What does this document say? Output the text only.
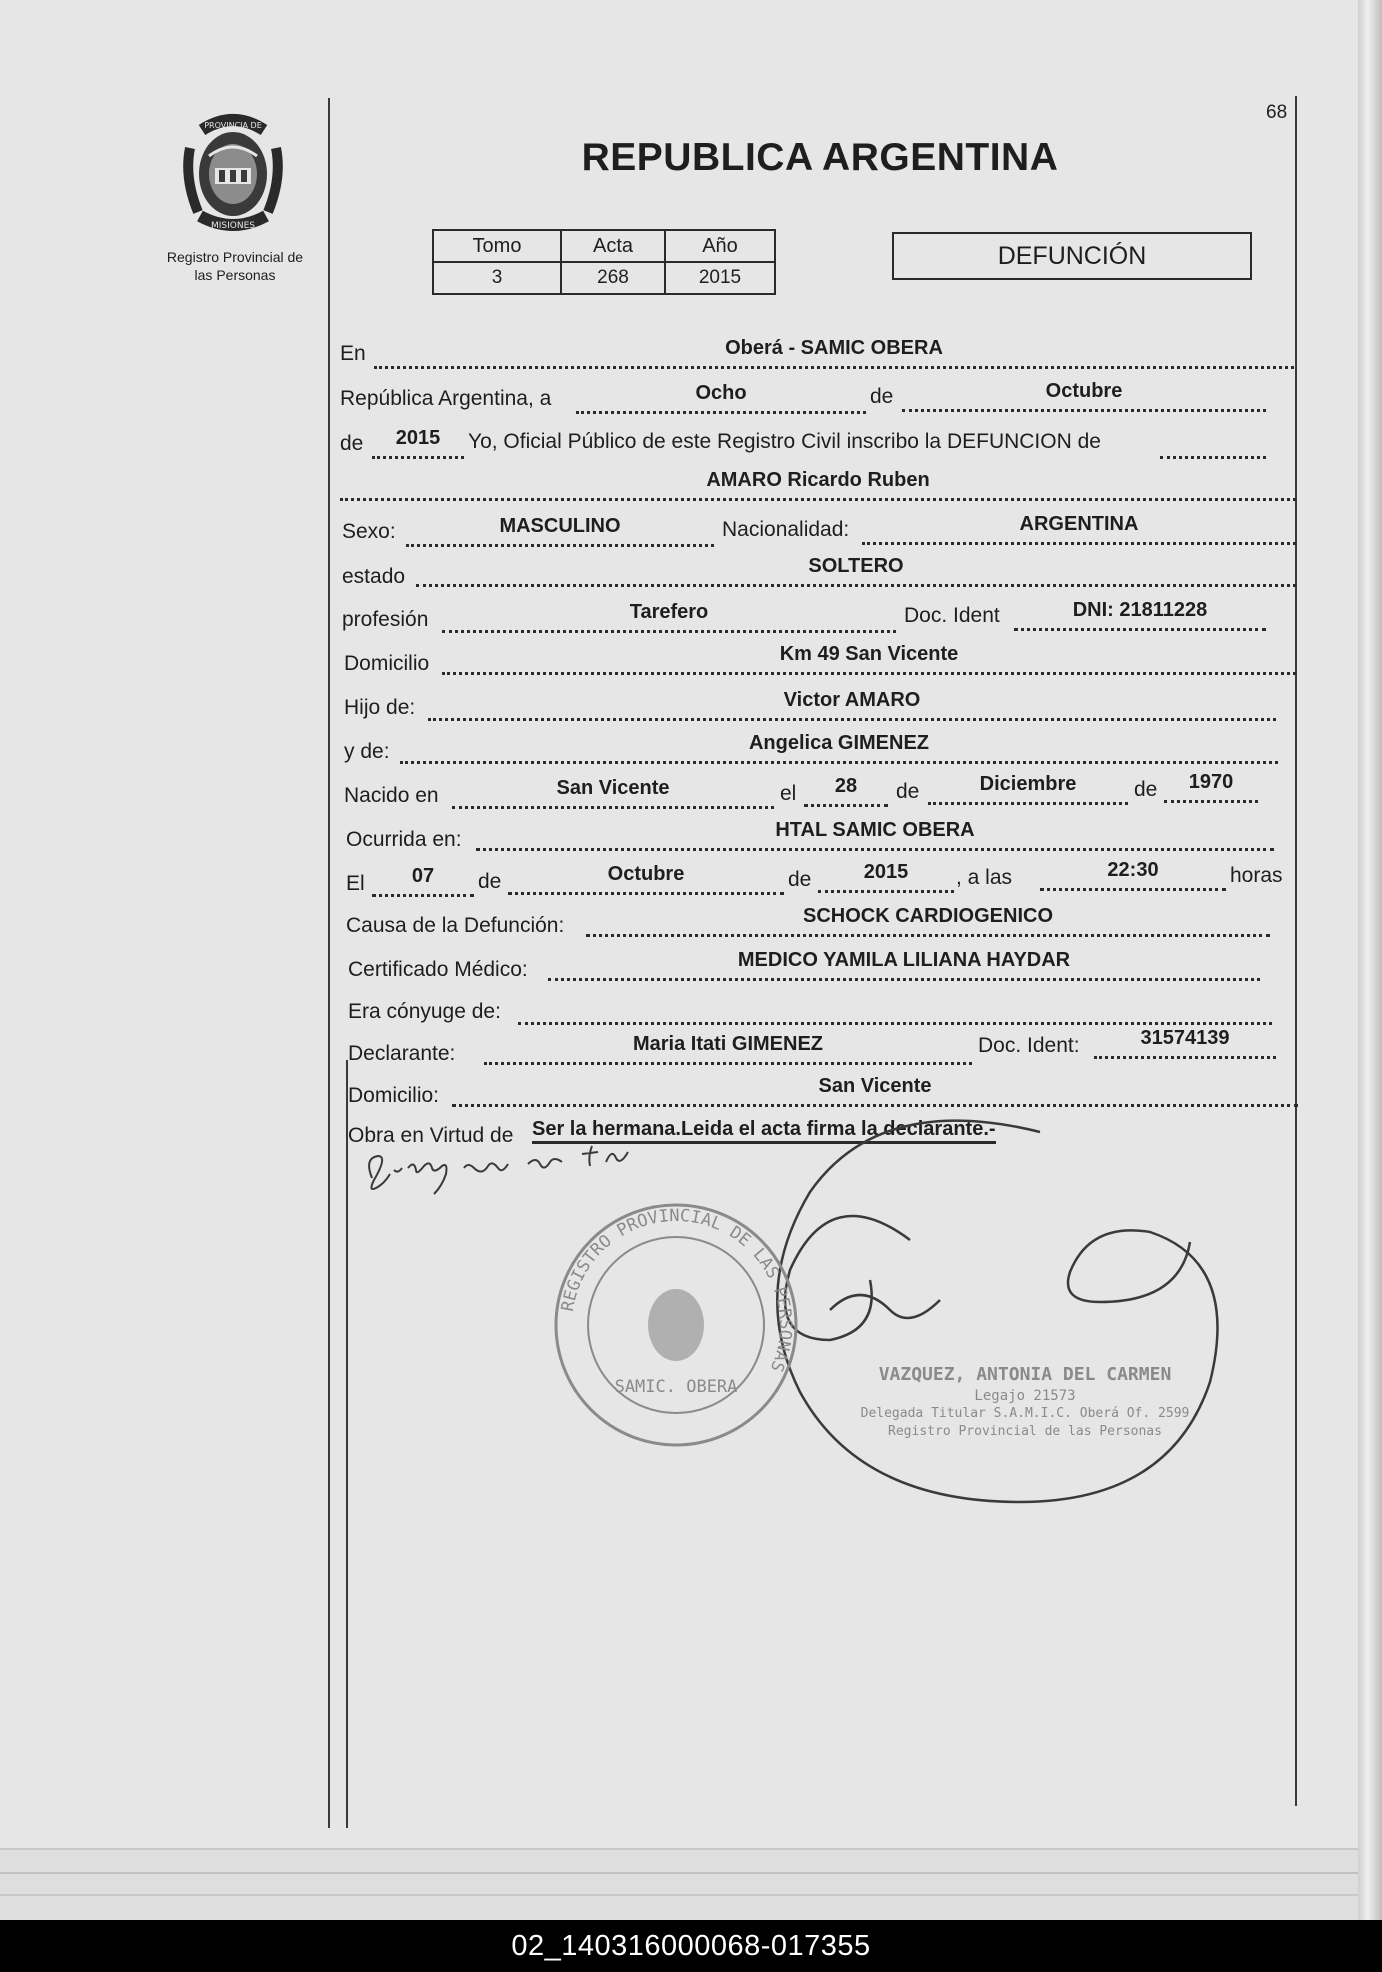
68
PROVINCIA DE
MISIONES
Registro Provincial de
las Personas
REPUBLICA ARGENTINA
Tomo	Acta	Año
3	268	2015
DEFUNCIÓN
En	Oberá - SAMIC OBERA
República Argentina, a	Ocho	de	Octubre
de	2015	Yo, Oficial Público de este Registro Civil inscribo la DEFUNCION de
AMARO Ricardo Ruben
Sexo:	MASCULINO	Nacionalidad:	ARGENTINA
estado	SOLTERO
profesión	Tarefero	Doc. Ident	DNI: 21811228
Domicilio	Km 49 San Vicente
Hijo de:	Victor AMARO
y de:	Angelica GIMENEZ
Nacido en	San Vicente	el	28	de	Diciembre	de	1970
Ocurrida en:	HTAL SAMIC OBERA
El	07	de	Octubre	de	2015	, a las	22:30	horas
Causa de la Defunción:	SCHOCK CARDIOGENICO
Certificado Médico:	MEDICO YAMILA LILIANA HAYDAR
Era cónyuge de:
Declarante:	Maria Itati GIMENEZ	Doc. Ident:	31574139
Domicilio:	San Vicente
Obra en Virtud de Ser la hermana.Leida el acta firma la declarante.-
REGISTRO PROVINCIAL DE LAS PERSONAS
SAMIC. OBERA
VAZQUEZ, ANTONIA DEL CARMEN
Legajo 21573
Delegada Titular S.A.M.I.C. Oberá Of. 2599
Registro Provincial de las Personas
02_140316000068-017355
